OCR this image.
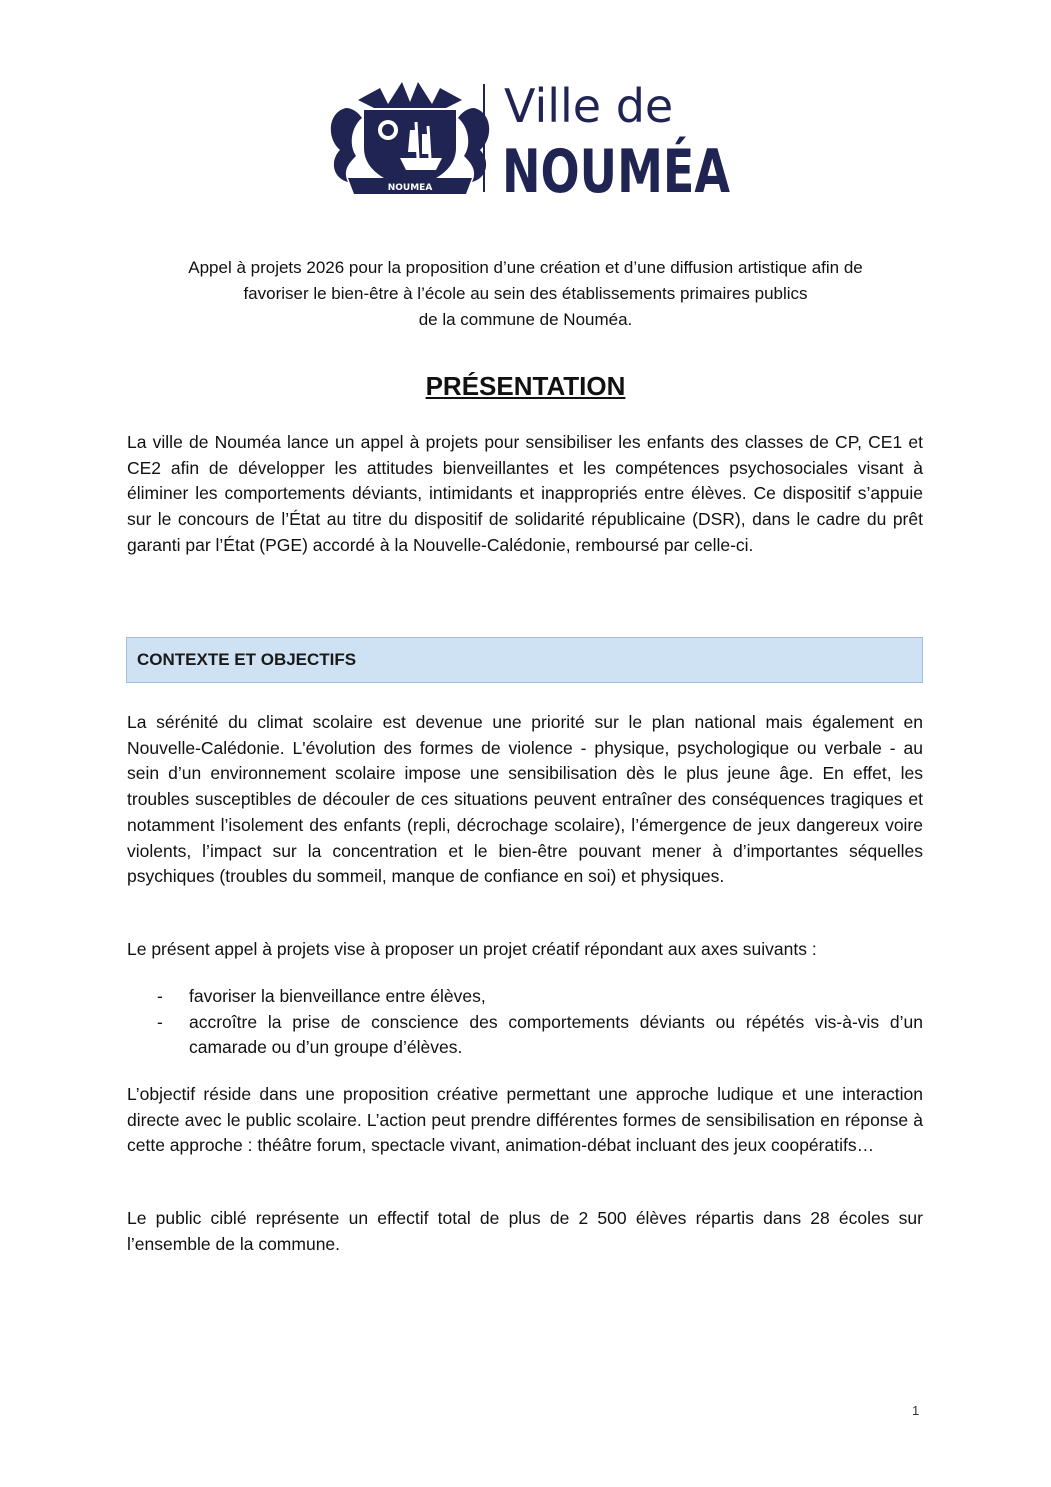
NOUMEA
Ville de
NOUMÉA
Appel à projets 2026 pour la proposition d’une création et d’une diffusion artistique afin de
favoriser le bien-être à l’école au sein des établissements primaires publics
de la commune de Nouméa.
PRÉSENTATION

La ville de Nouméa lance un appel à projets pour sensibiliser les enfants des classes de CP, CE1 et CE2 afin de développer les attitudes bienveillantes et les compétences psychosociales visant à éliminer les comportements déviants, intimidants et inappropriés entre élèves. Ce dispositif s’appuie sur le concours de l’État au titre du dispositif de solidarité républicaine (DSR), dans le cadre du prêt garanti par l’État (PGE) accordé à la Nouvelle-Calédonie, remboursé par celle-ci.

CONTEXTE ET OBJECTIFS

La sérénité du climat scolaire est devenue une priorité sur le plan national mais également en Nouvelle-Calédonie. L'évolution des formes de violence - physique, psychologique ou verbale - au sein d’un environnement scolaire impose une sensibilisation dès le plus jeune âge. En effet, les troubles susceptibles de découler de ces situations peuvent entraîner des conséquences tragiques et notamment l’isolement des enfants (repli, décrochage scolaire), l’émergence de jeux dangereux voire violents, l’impact sur la concentration et le bien-être pouvant mener à d’importantes séquelles psychiques (troubles du sommeil, manque de confiance en soi) et physiques.

Le présent appel à projets vise à proposer un projet créatif répondant aux axes suivants :

- favoriser la bienveillance entre élèves,
- accroître la prise de conscience des comportements déviants ou répétés vis-à-vis d’un camarade ou d’un groupe d’élèves.

L’objectif réside dans une proposition créative permettant une approche ludique et une interaction directe avec le public scolaire. L’action peut prendre différentes formes de sensibilisation en réponse à cette approche : théâtre forum, spectacle vivant, animation-débat incluant des jeux coopératifs…

Le public ciblé représente un effectif total de plus de 2 500 élèves répartis dans 28 écoles sur l’ensemble de la commune.

1
